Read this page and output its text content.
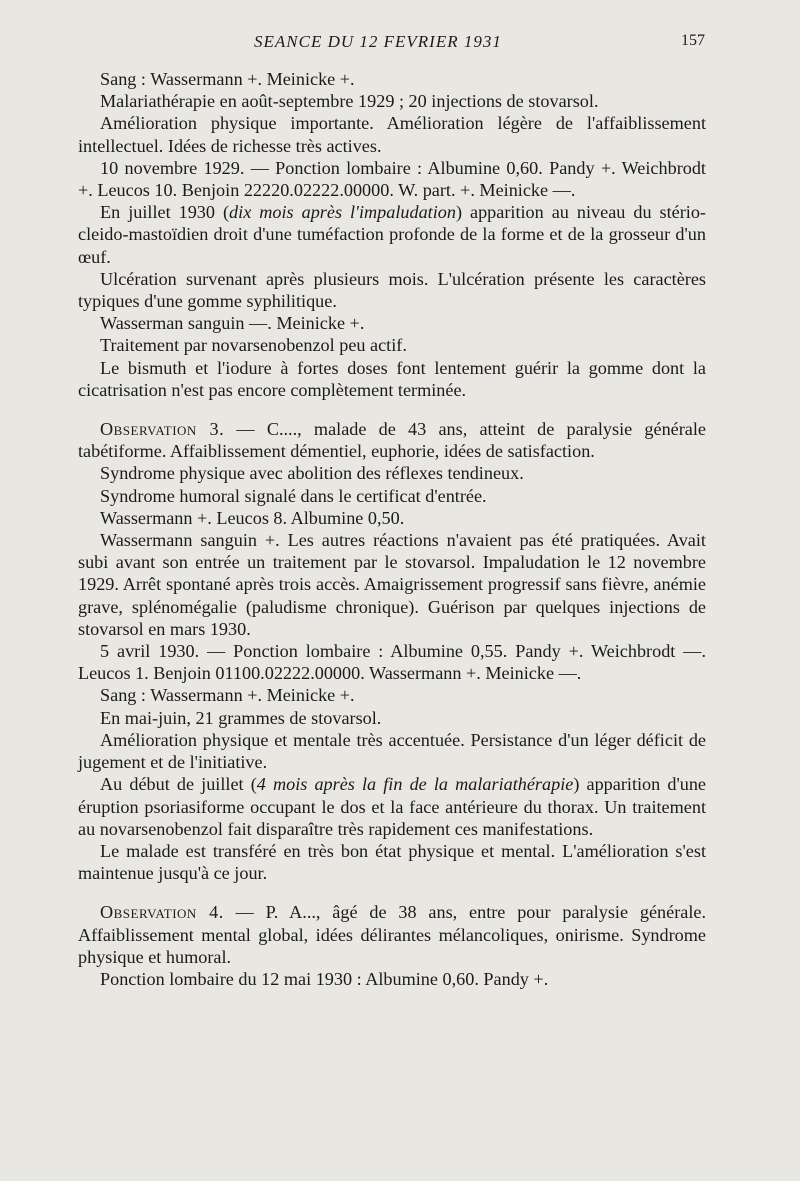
SEANCE DU 12 FEVRIER 1931	157

Sang : Wassermann +. Meinicke +.

Malariathérapie en août-septembre 1929 ; 20 injections de stovarsol.

Amélioration physique importante. Amélioration légère de l'affaiblissement intellectuel. Idées de richesse très actives.

10 novembre 1929. — Ponction lombaire : Albumine 0,60. Pandy +. Weichbrodt +. Leucos 10. Benjoin 22220.02222.00000. W. part. +. Meinicke —.

En juillet 1930 (dix mois après l'impaludation) apparition au niveau du stério-cleido-mastoïdien droit d'une tuméfaction profonde de la forme et de la grosseur d'un œuf.

Ulcération survenant après plusieurs mois. L'ulcération présente les caractères typiques d'une gomme syphilitique.

Wasserman sanguin —. Meinicke +.

Traitement par novarsenobenzol peu actif.

Le bismuth et l'iodure à fortes doses font lentement guérir la gomme dont la cicatrisation n'est pas encore complètement terminée.

Observation 3. — C...., malade de 43 ans, atteint de paralysie générale tabétiforme. Affaiblissement démentiel, euphorie, idées de satisfaction.

Syndrome physique avec abolition des réflexes tendineux.

Syndrome humoral signalé dans le certificat d'entrée.

Wassermann +. Leucos 8. Albumine 0,50.

Wassermann sanguin +. Les autres réactions n'avaient pas été pratiquées. Avait subi avant son entrée un traitement par le stovarsol. Impaludation le 12 novembre 1929. Arrêt spontané après trois accès. Amaigrissement progressif sans fièvre, anémie grave, splénomégalie (paludisme chronique). Guérison par quelques injections de stovarsol en mars 1930.

5 avril 1930. — Ponction lombaire : Albumine 0,55. Pandy +. Weichbrodt —. Leucos 1. Benjoin 01100.02222.00000. Wassermann +. Meinicke —.

Sang : Wassermann +. Meinicke +.

En mai-juin, 21 grammes de stovarsol.

Amélioration physique et mentale très accentuée. Persistance d'un léger déficit de jugement et de l'initiative.

Au début de juillet (4 mois après la fin de la malariathérapie) apparition d'une éruption psoriasiforme occupant le dos et la face antérieure du thorax. Un traitement au novarsenobenzol fait disparaître très rapidement ces manifestations.

Le malade est transféré en très bon état physique et mental. L'amélioration s'est maintenue jusqu'à ce jour.

Observation 4. — P. A..., âgé de 38 ans, entre pour paralysie générale. Affaiblissement mental global, idées délirantes mélancoliques, onirisme. Syndrome physique et humoral.

Ponction lombaire du 12 mai 1930 : Albumine 0,60. Pandy +.
